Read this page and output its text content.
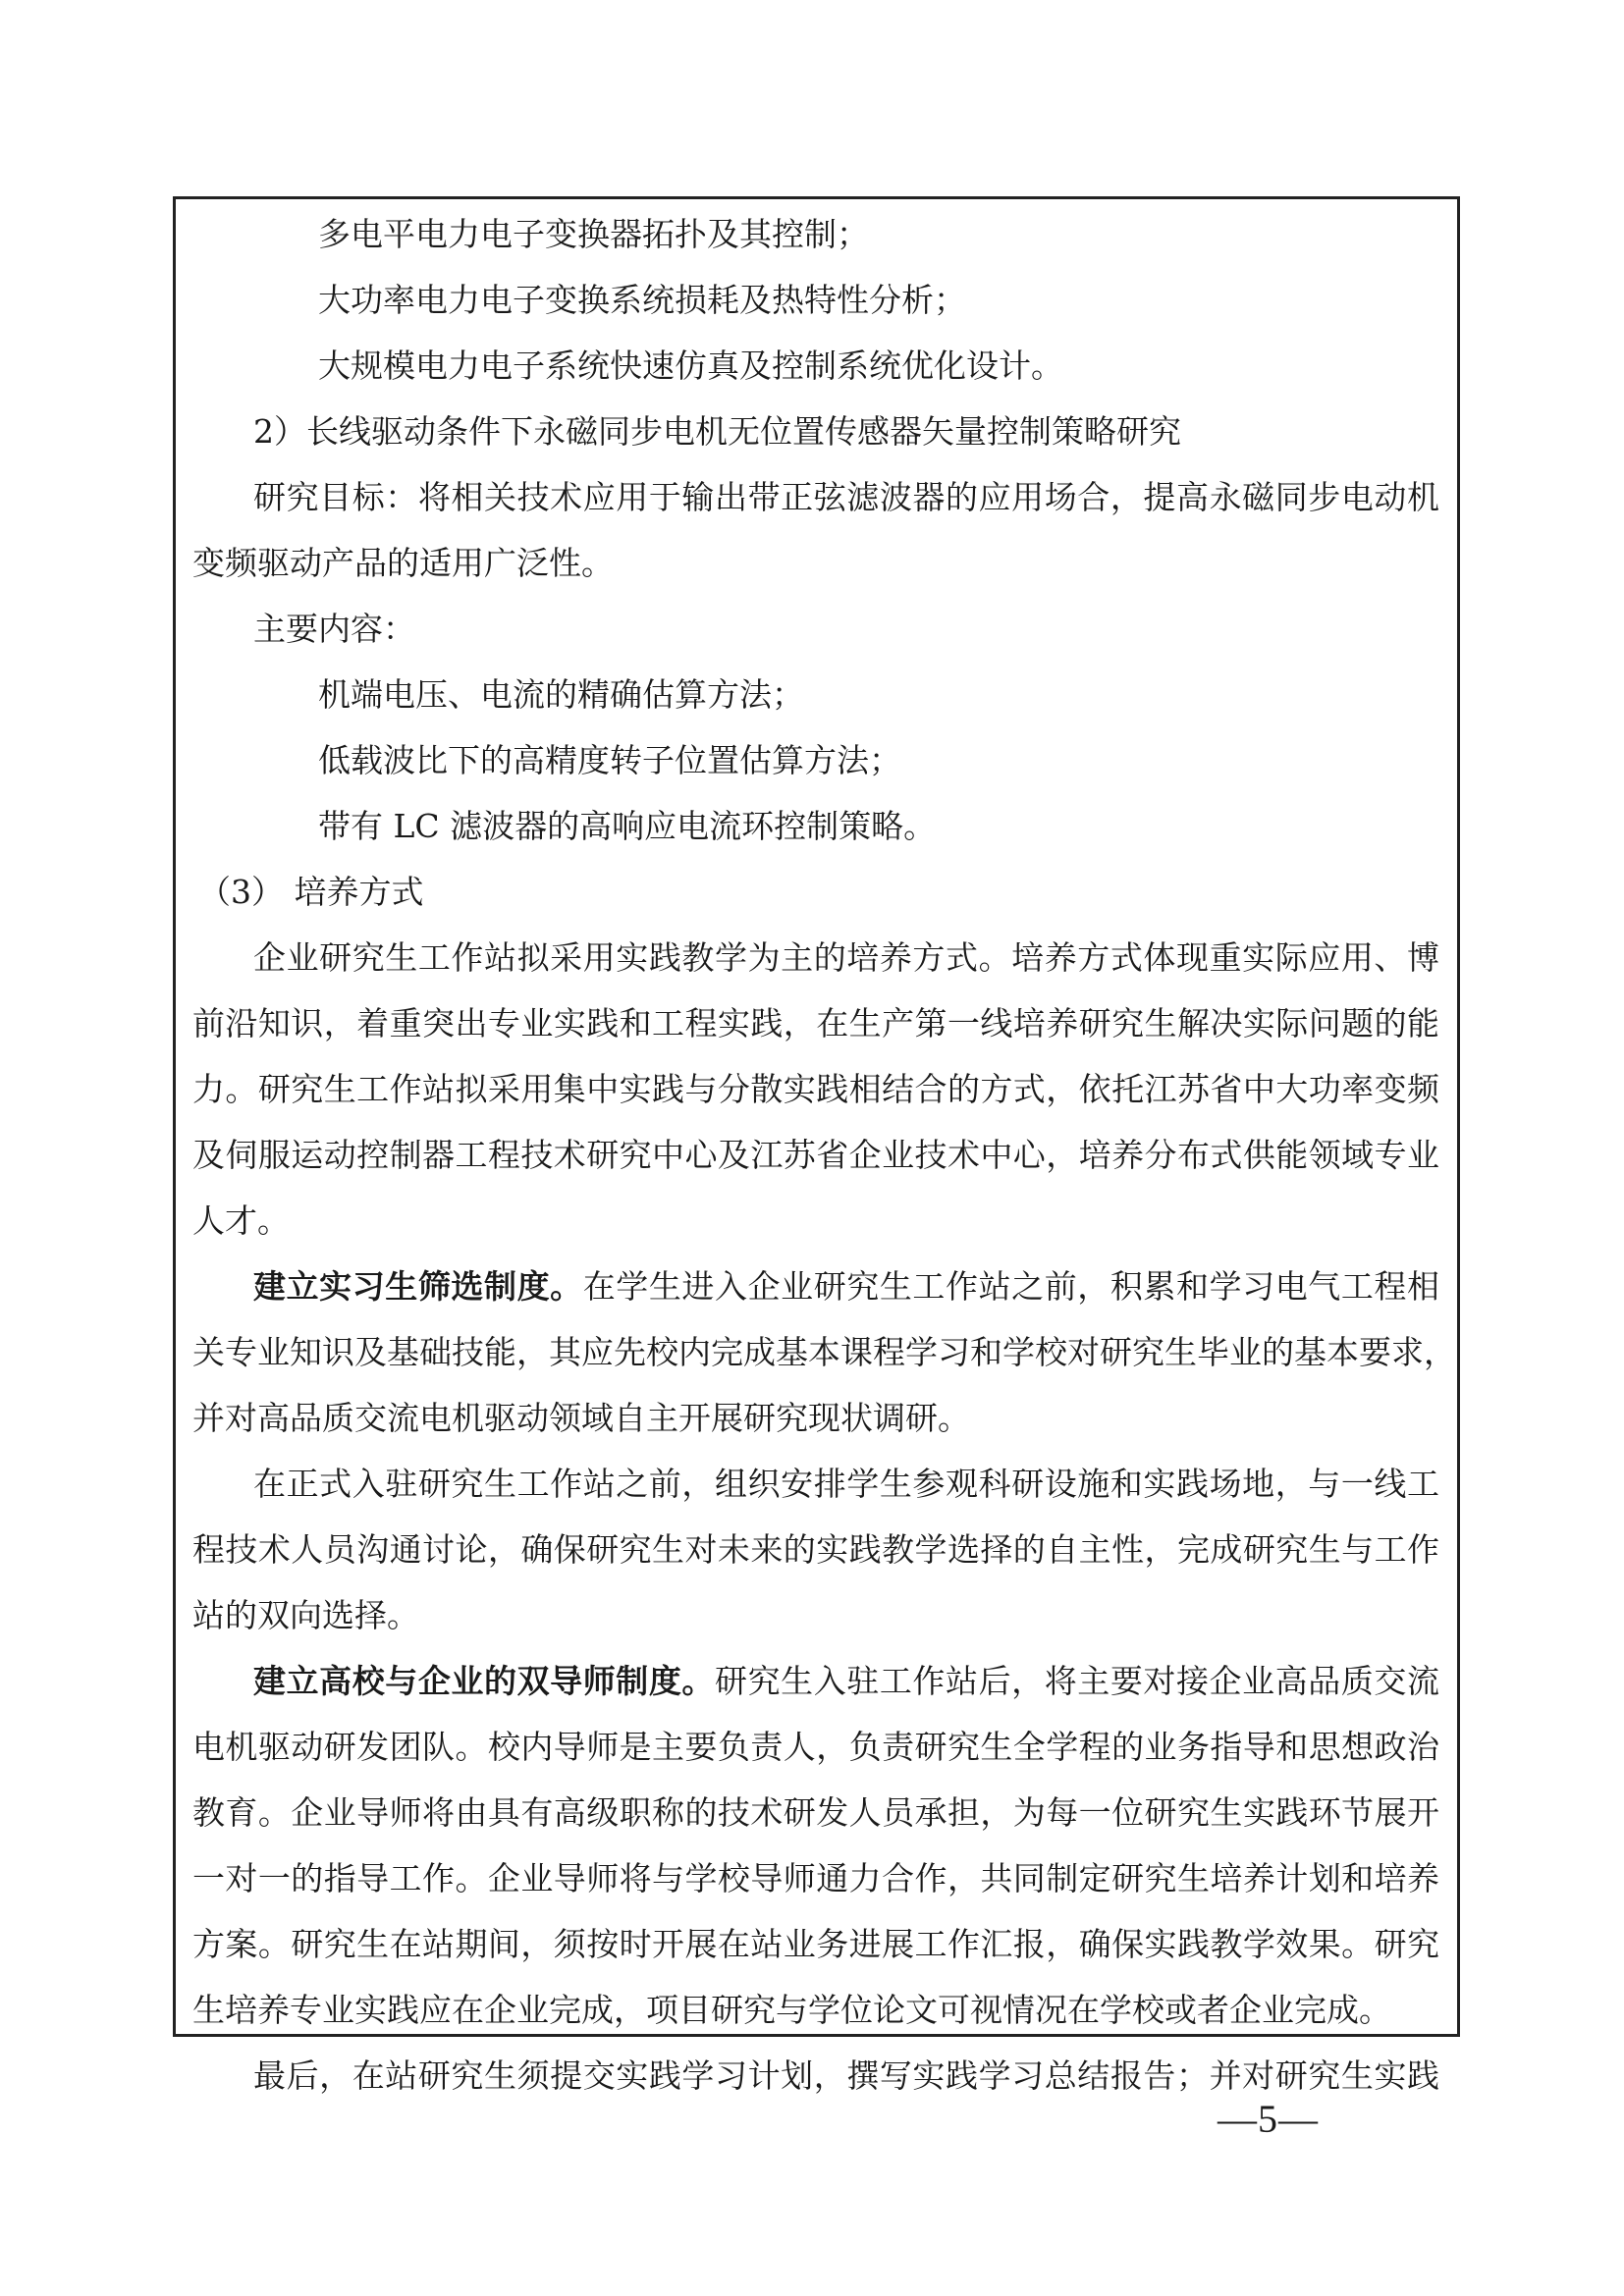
多电平电力电子变换器拓扑及其控制；
大功率电力电子变换系统损耗及热特性分析；
大规模电力电子系统快速仿真及控制系统优化设计。
2）长线驱动条件下永磁同步电机无位置传感器矢量控制策略研究
研究目标：将相关技术应用于输出带正弦滤波器的应用场合，提高永磁同步电动机
变频驱动产品的适用广泛性。
主要内容：
机端电压、电流的精确估算方法；
低载波比下的高精度转子位置估算方法；
带有 LC 滤波器的高响应电流环控制策略。
（3） 培养方式
企业研究生工作站拟采用实践教学为主的培养方式。培养方式体现重实际应用、博
前沿知识，着重突出专业实践和工程实践，在生产第一线培养研究生解决实际问题的能
力。研究生工作站拟采用集中实践与分散实践相结合的方式，依托江苏省中大功率变频
及伺服运动控制器工程技术研究中心及江苏省企业技术中心，培养分布式供能领域专业
人才。
建立实习生筛选制度。在学生进入企业研究生工作站之前，积累和学习电气工程相
关专业知识及基础技能，其应先校内完成基本课程学习和学校对研究生毕业的基本要求，
并对高品质交流电机驱动领域自主开展研究现状调研。
在正式入驻研究生工作站之前，组织安排学生参观科研设施和实践场地，与一线工
程技术人员沟通讨论，确保研究生对未来的实践教学选择的自主性，完成研究生与工作
站的双向选择。
建立高校与企业的双导师制度。研究生入驻工作站后，将主要对接企业高品质交流
电机驱动研发团队。校内导师是主要负责人，负责研究生全学程的业务指导和思想政治
教育。企业导师将由具有高级职称的技术研发人员承担，为每一位研究生实践环节展开
一对一的指导工作。企业导师将与学校导师通力合作，共同制定研究生培养计划和培养
方案。研究生在站期间，须按时开展在站业务进展工作汇报，确保实践教学效果。研究
生培养专业实践应在企业完成，项目研究与学位论文可视情况在学校或者企业完成。
最后，在站研究生须提交实践学习计划，撰写实践学习总结报告；并对研究生实践
—5—
